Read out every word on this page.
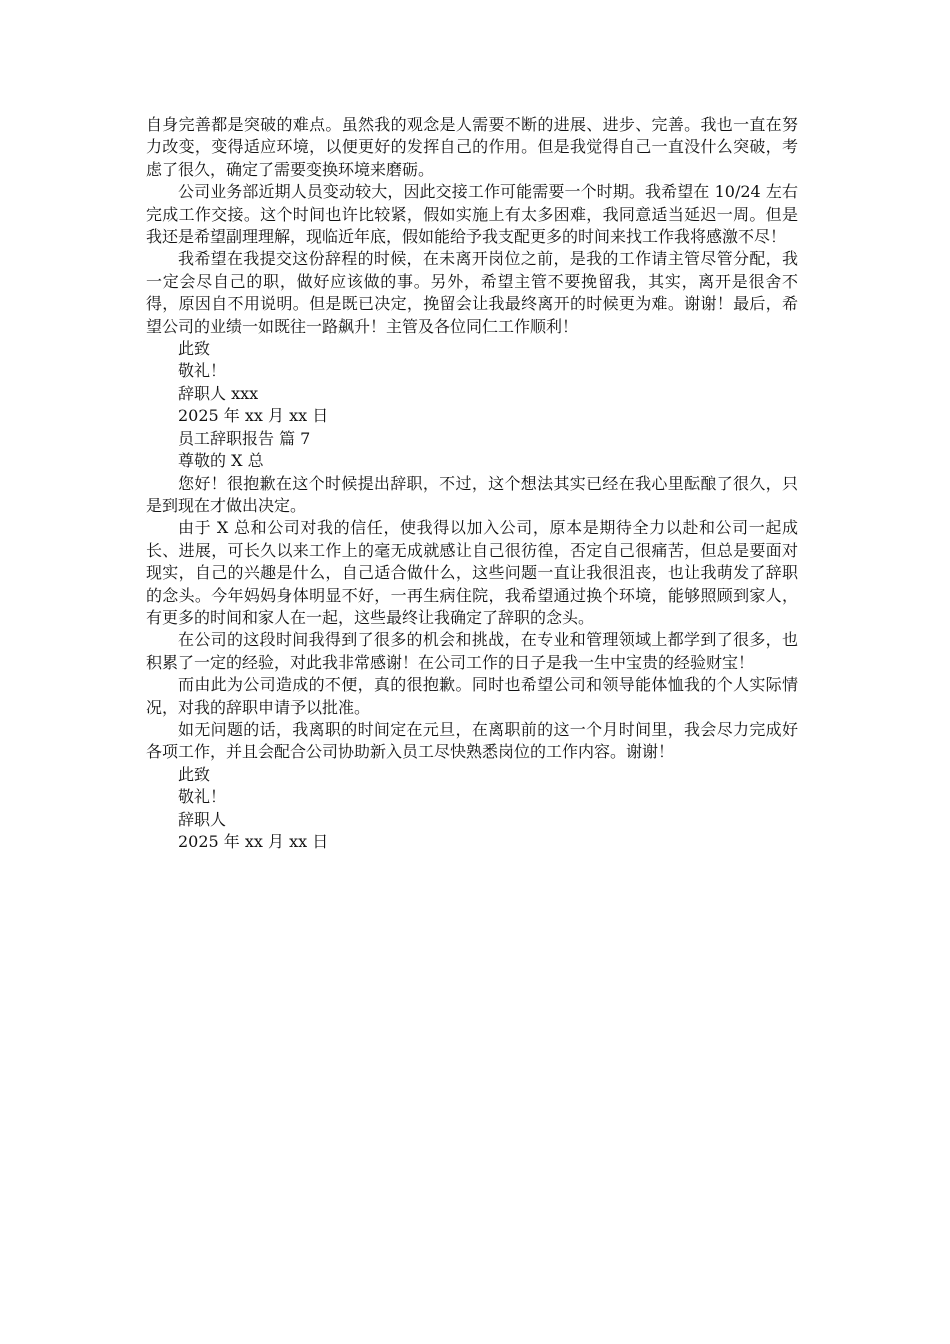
自身完善都是突破的难点。虽然我的观念是人需要不断的进展、进步、完善。我也一直在努力改变，变得适应环境，以便更好的发挥自己的作用。但是我觉得自己一直没什么突破，考虑了很久，确定了需要变换环境来磨砺。

公司业务部近期人员变动较大，因此交接工作可能需要一个时期。我希望在 10/24 左右完成工作交接。这个时间也许比较紧，假如实施上有太多困难，我同意适当延迟一周。但是我还是希望副理理解，现临近年底，假如能给予我支配更多的时间来找工作我将感激不尽！

我希望在我提交这份辞程的时候，在未离开岗位之前，是我的工作请主管尽管分配，我一定会尽自己的职，做好应该做的事。另外，希望主管不要挽留我，其实，离开是很舍不得，原因自不用说明。但是既已决定，挽留会让我最终离开的时候更为难。谢谢！最后，希望公司的业绩一如既往一路飙升！主管及各位同仁工作顺利！

此致

敬礼！

辞职人 xxx

2025 年 xx 月 xx 日

员工辞职报告 篇 7

尊敬的 X 总

您好！很抱歉在这个时候提出辞职，不过，这个想法其实已经在我心里酝酿了很久，只是到现在才做出决定。

由于 X 总和公司对我的信任，使我得以加入公司，原本是期待全力以赴和公司一起成长、进展，可长久以来工作上的毫无成就感让自己很彷徨，否定自己很痛苦，但总是要面对现实，自己的兴趣是什么，自己适合做什么，这些问题一直让我很沮丧，也让我萌发了辞职的念头。今年妈妈身体明显不好，一再生病住院，我希望通过换个环境，能够照顾到家人，有更多的时间和家人在一起，这些最终让我确定了辞职的念头。

在公司的这段时间我得到了很多的机会和挑战，在专业和管理领域上都学到了很多，也积累了一定的经验，对此我非常感谢！在公司工作的日子是我一生中宝贵的经验财宝！

而由此为公司造成的不便，真的很抱歉。同时也希望公司和领导能体恤我的个人实际情况，对我的辞职申请予以批准。

如无问题的话，我离职的时间定在元旦，在离职前的这一个月时间里，我会尽力完成好各项工作，并且会配合公司协助新入员工尽快熟悉岗位的工作内容。谢谢！

此致

敬礼！

辞职人

2025 年 xx 月 xx 日
